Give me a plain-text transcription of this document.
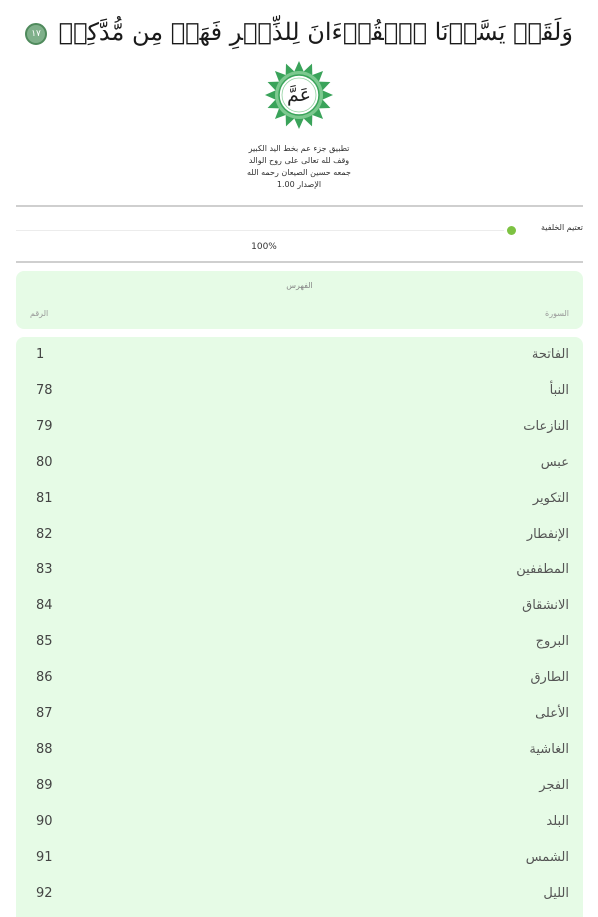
وَلَقَدۡ يَسَّرۡنَا ٱلۡقُرۡءَانَ لِلذِّكۡرِ فَهَلۡ مِن مُّدَّكِرٖ ١٧
عَمَّ
تطبيق جزء عم بخط اليد الكبير
وقف لله تعالى على روح الوالد
جمعه حسين الصيعان رحمه الله
الإصدار 1.00
تعتيم الخلفية
100%
الفهرس
الرقم	السورة
1	الفاتحة
78	النبأ
79	النازعات
80	عبس
81	التكوير
82	الإنفطار
83	المطففين
84	الانشقاق
85	البروج
86	الطارق
87	الأعلى
88	الغاشية
89	الفجر
90	البلد
91	الشمس
92	الليل
